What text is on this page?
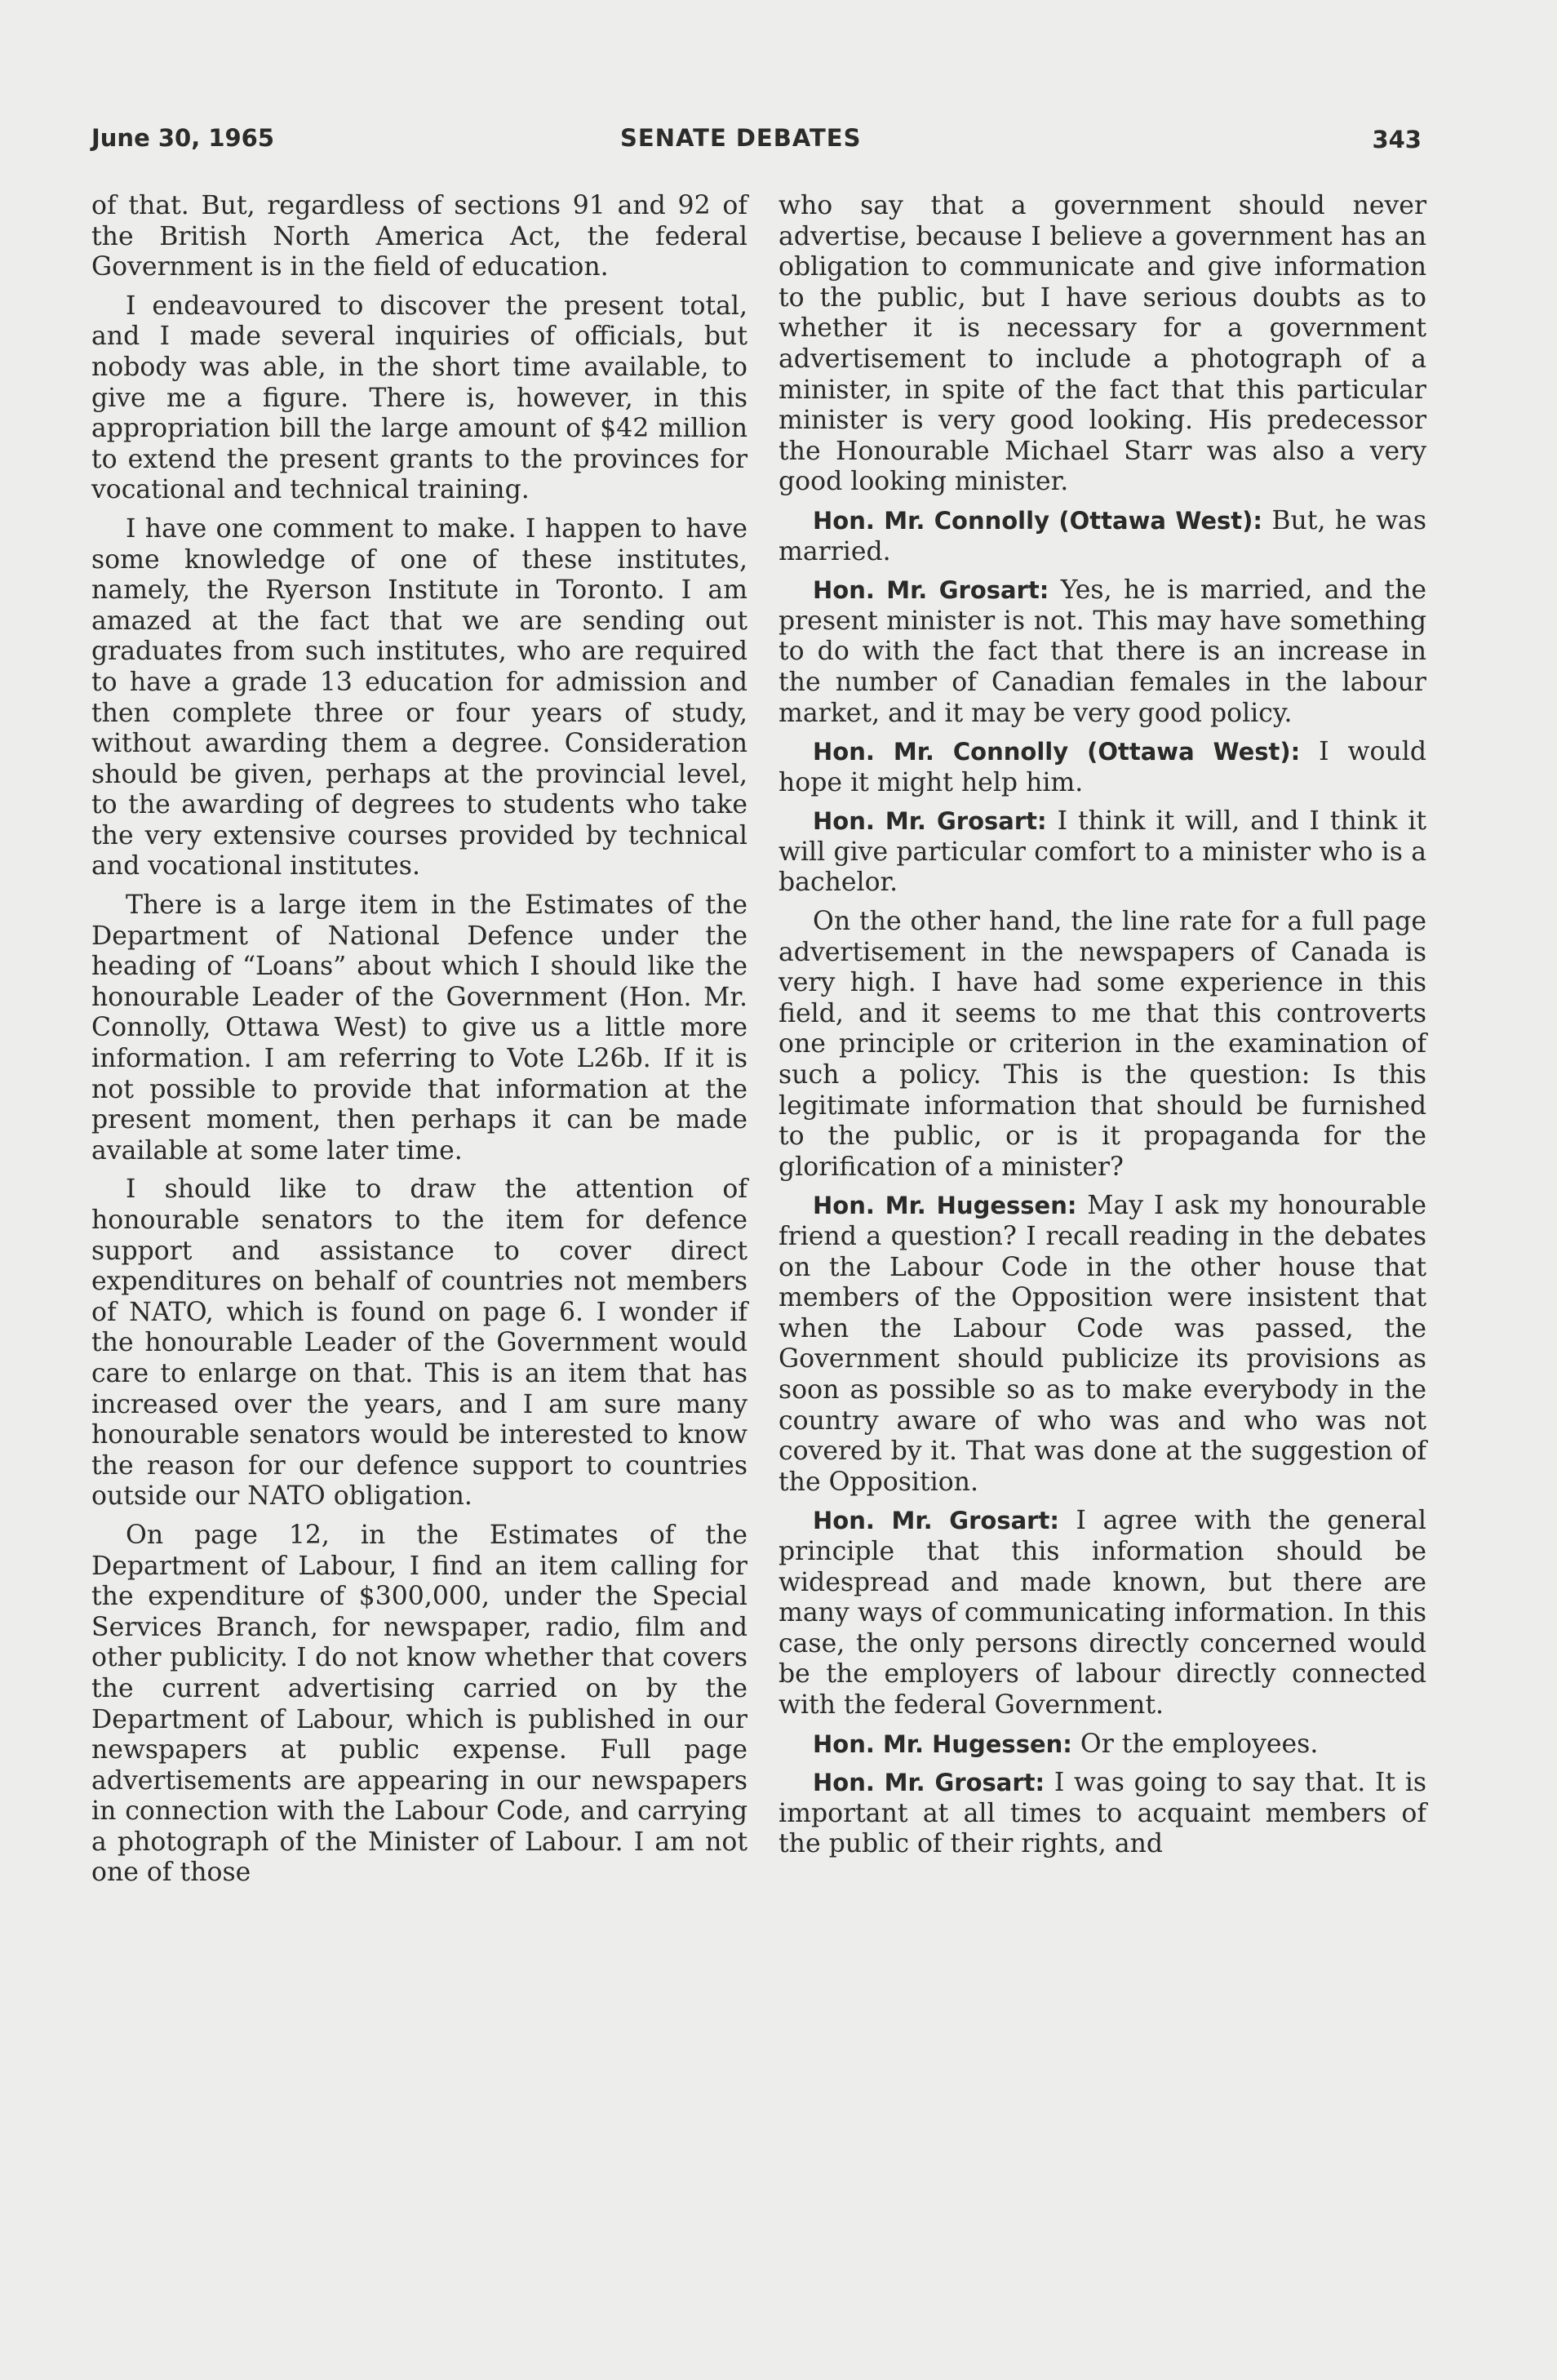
June 30, 1965	SENATE DEBATES	343

of that. But, regardless of sections 91 and 92 of the British North America Act, the federal Government is in the field of education.

I endeavoured to discover the present total, and I made several inquiries of officials, but nobody was able, in the short time available, to give me a figure. There is, however, in this appropriation bill the large amount of $42 million to extend the present grants to the provinces for vocational and technical training.

I have one comment to make. I happen to have some knowledge of one of these institutes, namely, the Ryerson Institute in Toronto. I am amazed at the fact that we are sending out graduates from such institutes, who are required to have a grade 13 education for admission and then complete three or four years of study, without awarding them a degree. Consideration should be given, perhaps at the provincial level, to the awarding of degrees to students who take the very extensive courses provided by technical and vocational institutes.

There is a large item in the Estimates of the Department of National Defence under the heading of “Loans” about which I should like the honourable Leader of the Government (Hon. Mr. Connolly, Ottawa West) to give us a little more information. I am referring to Vote L26b. If it is not possible to provide that information at the present moment, then perhaps it can be made available at some later time.

I should like to draw the attention of honourable senators to the item for defence support and assistance to cover direct expenditures on behalf of countries not members of NATO, which is found on page 6. I wonder if the honourable Leader of the Government would care to enlarge on that. This is an item that has increased over the years, and I am sure many honourable senators would be interested to know the reason for our defence support to countries outside our NATO obligation.

On page 12, in the Estimates of the Department of Labour, I find an item calling for the expenditure of $300,000, under the Special Services Branch, for newspaper, radio, film and other publicity. I do not know whether that covers the current advertising carried on by the Department of Labour, which is published in our newspapers at public expense. Full page advertisements are appearing in our newspapers in connection with the Labour Code, and carrying a photograph of the Minister of Labour. I am not one of those

who say that a government should never advertise, because I believe a government has an obligation to communicate and give information to the public, but I have serious doubts as to whether it is necessary for a government advertisement to include a photograph of a minister, in spite of the fact that this particular minister is very good looking. His predecessor the Honourable Michael Starr was also a very good looking minister.

Hon. Mr. Connolly (Ottawa West): But, he was married.

Hon. Mr. Grosart: Yes, he is married, and the present minister is not. This may have something to do with the fact that there is an increase in the number of Canadian females in the labour market, and it may be very good policy.

Hon. Mr. Connolly (Ottawa West): I would hope it might help him.

Hon. Mr. Grosart: I think it will, and I think it will give particular comfort to a minister who is a bachelor.

On the other hand, the line rate for a full page advertisement in the newspapers of Canada is very high. I have had some experience in this field, and it seems to me that this controverts one principle or criterion in the examination of such a policy. This is the question: Is this legitimate information that should be furnished to the public, or is it propaganda for the glorification of a minister?

Hon. Mr. Hugessen: May I ask my honourable friend a question? I recall reading in the debates on the Labour Code in the other house that members of the Opposition were insistent that when the Labour Code was passed, the Government should publicize its provisions as soon as possible so as to make everybody in the country aware of who was and who was not covered by it. That was done at the suggestion of the Opposition.

Hon. Mr. Grosart: I agree with the general principle that this information should be widespread and made known, but there are many ways of communicating information. In this case, the only persons directly concerned would be the employers of labour directly connected with the federal Government.

Hon. Mr. Hugessen: Or the employees.

Hon. Mr. Grosart: I was going to say that. It is important at all times to acquaint members of the public of their rights, and
